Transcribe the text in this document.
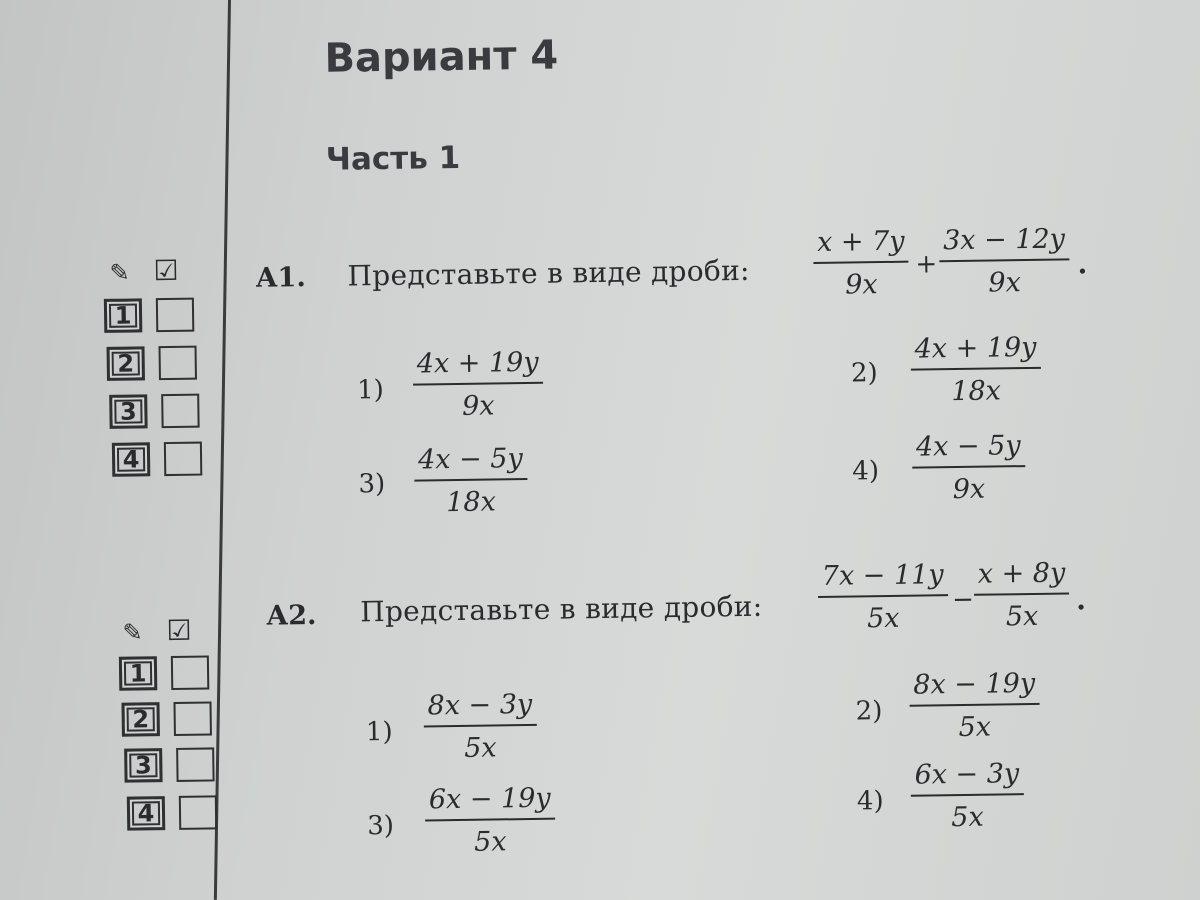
Вариант 4
Часть 1
✎ ☑
1
2
3
4
А1. Представьте в виде дроби:
x + 7y
9x
+
3x − 12y
9x
.
1)
4x + 19y
9x
2)
4x + 19y
18x
3)
4x − 5y
18x
4)
4x − 5y
9x
✎ ☑
1
2
3
4
А2. Представьте в виде дроби:
7x − 11y
5x
−
x + 8y
5x
.
1)
8x − 3y
5x
2)
8x − 19y
5x
3)
6x − 19y
5x
4)
6x − 3y
5x
